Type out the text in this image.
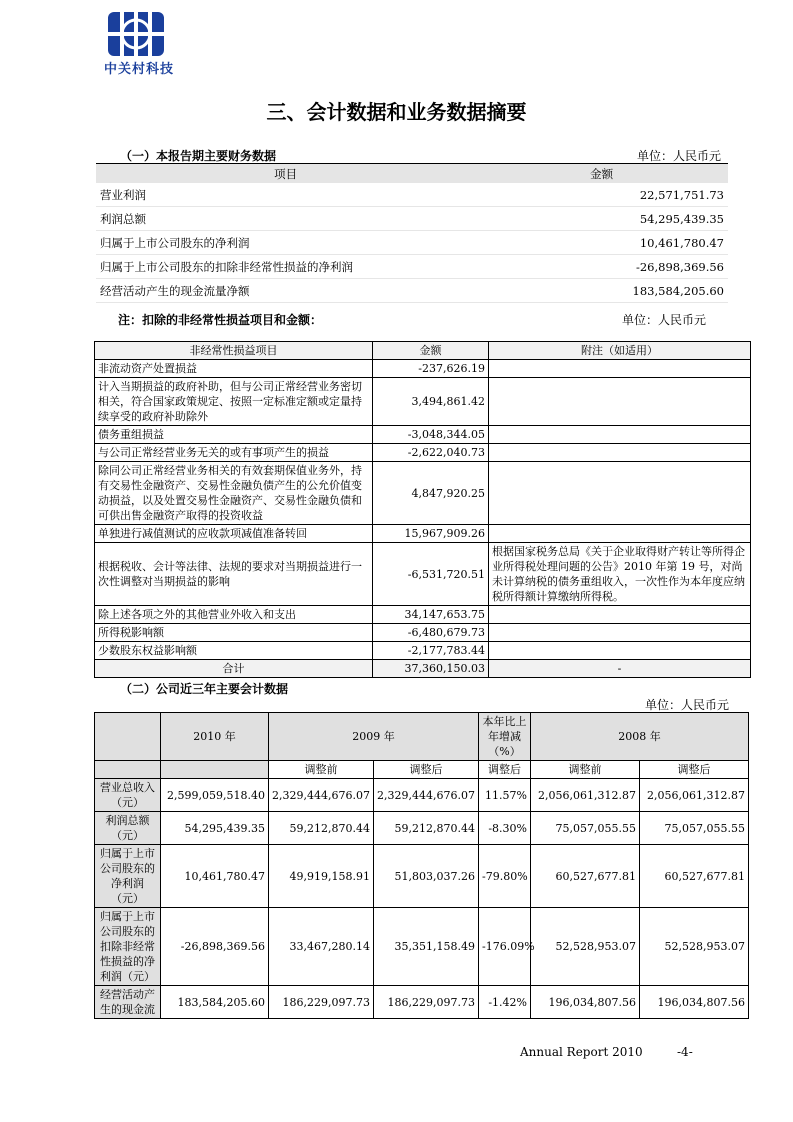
中关村科技
三、会计数据和业务数据摘要
（一）本报告期主要财务数据	单位：人民币元
项目	金额
营业利润	22,571,751.73
利润总额	54,295,439.35
归属于上市公司股东的净利润	10,461,780.47
归属于上市公司股东的扣除非经常性损益的净利润	-26,898,369.56
经营活动产生的现金流量净额	183,584,205.60
注：扣除的非经常性损益项目和金额：	单位：人民币元
非经常性损益项目	金额	附注（如适用）
非流动资产处置损益	-237,626.19	
计入当期损益的政府补助，但与公司正常经营业务密切相关，符合国家政策规定、按照一定标准定额或定量持续享受的政府补助除外	3,494,861.42	
债务重组损益	-3,048,344.05	
与公司正常经营业务无关的或有事项产生的损益	-2,622,040.73	
除同公司正常经营业务相关的有效套期保值业务外，持有交易性金融资产、交易性金融负债产生的公允价值变动损益，以及处置交易性金融资产、交易性金融负债和可供出售金融资产取得的投资收益	4,847,920.25	
单独进行减值测试的应收款项减值准备转回	15,967,909.26	
根据税收、会计等法律、法规的要求对当期损益进行一次性调整对当期损益的影响	-6,531,720.51	根据国家税务总局《关于企业取得财产转让等所得企业所得税处理问题的公告》2010 年第 19 号，对尚未计算纳税的债务重组收入，一次性作为本年度应纳税所得额计算缴纳所得税。
除上述各项之外的其他营业外收入和支出	34,147,653.75	
所得税影响额	-6,480,679.73	
少数股东权益影响额	-2,177,783.44	
合计	37,360,150.03	-
（二）公司近三年主要会计数据
单位：人民币元
	2010 年	2009 年		本年比上年增减（%）	2008 年	
		调整前	调整后	调整后	调整前	调整后
营业总收入（元）	2,599,059,518.40	2,329,444,676.07	2,329,444,676.07	11.57%	2,056,061,312.87	2,056,061,312.87
利润总额（元）	54,295,439.35	59,212,870.44	59,212,870.44	-8.30%	75,057,055.55	75,057,055.55
归属于上市公司股东的净利润（元）	10,461,780.47	49,919,158.91	51,803,037.26	-79.80%	60,527,677.81	60,527,677.81
归属于上市公司股东的扣除非经常性损益的净利润（元）	-26,898,369.56	33,467,280.14	35,351,158.49	-176.09%	52,528,953.07	52,528,953.07
经营活动产生的现金流	183,584,205.60	186,229,097.73	186,229,097.73	-1.42%	196,034,807.56	196,034,807.56
Annual Report 2010	-4-
